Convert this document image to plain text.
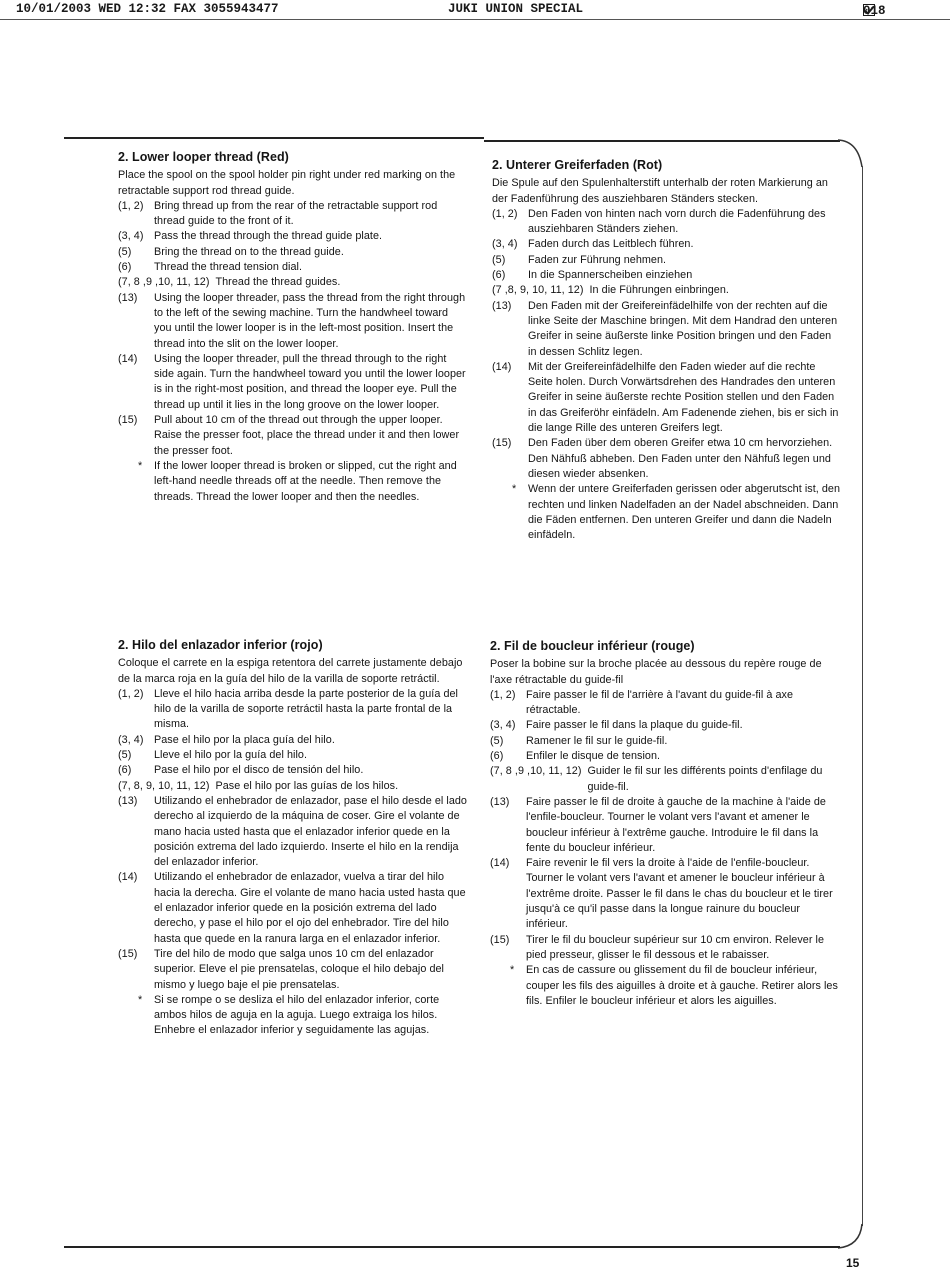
10/01/2003 WED 12:32 FAX 3055943477	JUKI UNION SPECIAL	018
2. Lower looper thread (Red)

Place the spool on the spool holder pin right under red marking on the retractable support rod thread guide.

(1, 2) Bring thread up from the rear of the retractable support rod thread guide to the front of it.
(3, 4) Pass the thread through the thread guide plate.
(5)	Bring the thread on to the thread guide.
(6)	Thread the thread tension dial.
(7, 8 ,9 ,10, 11, 12) Thread the thread guides.
(13)	Using the looper threader, pass the thread from the right through to the left of the sewing machine. Turn the handwheel toward you until the lower looper is in the left-most position. Insert the thread into the slit on the lower looper.
(14)	Using the looper threader, pull the thread through to the right side again. Turn the handwheel toward you until the lower looper is in the right-most position, and thread the looper eye. Pull the thread up until it lies in the long groove on the lower looper.
(15)	Pull about 10 cm of the thread out through the upper looper. Raise the presser foot, place the thread under it and then lower the presser foot.
*	If the lower looper thread is broken or slipped, cut the right and left-hand needle threads off at the needle. Then remove the threads. Thread the lower looper and then the needles.
2. Unterer Greiferfaden (Rot)

Die Spule auf den Spulenhalterstift unterhalb der roten Markierung an der Fadenführung des ausziehbaren Ständers stecken.

(1, 2) Den Faden von hinten nach vorn durch die Fadenführung des ausziehbaren Ständers ziehen.
(3, 4) Faden durch das Leitblech führen.
(5)	Faden zur Führung nehmen.
(6)	In die Spannerscheiben einziehen
(7 ,8, 9, 10, 11, 12) In die Führungen einbringen.
(13)	Den Faden mit der Greifereinfädelhilfe von der rechten auf die linke Seite der Maschine bringen. Mit dem Handrad den unteren Greifer in seine äußerste linke Position bringen und den Faden in dessen Schlitz legen.
(14)	Mit der Greifereinfädelhilfe den Faden wieder auf die rechte Seite holen. Durch Vorwärtsdrehen des Handrades den unteren Greifer in seine äußerste rechte Position stellen und den Faden in das Greiferöhr einfädeln. Am Fadenende ziehen, bis er sich in die lange Rille des unteren Greifers legt.
(15)	Den Faden über dem oberen Greifer etwa 10 cm hervorziehen. Den Nähfuß abheben. Den Faden unter den Nähfuß legen und diesen wieder absenken.
*	Wenn der untere Greiferfaden gerissen oder abgerutscht ist, den rechten und linken Nadelfaden an der Nadel abschneiden. Dann die Fäden entfernen. Den unteren Greifer und dann die Nadeln einfädeln.
2. Hilo del enlazador inferior (rojo)

Coloque el carrete en la espiga retentora del carrete justamente debajo de la marca roja en la guía del hilo de la varilla de soporte retráctil.

(1, 2) Lleve el hilo hacia arriba desde la parte posterior de la guía del hilo de la varilla de soporte retráctil hasta la parte frontal de la misma.
(3, 4) Pase el hilo por la placa guía del hilo.
(5)	Lleve el hilo por la guía del hilo.
(6)	Pase el hilo por el disco de tensión del hilo.
(7, 8, 9, 10, 11, 12) Pase el hilo por las guías de los hilos.
(13)	Utilizando el enhebrador de enlazador, pase el hilo desde el lado derecho al izquierdo de la máquina de coser. Gire el volante de mano hacia usted hasta que el enlazador inferior quede en la posición extrema del lado izquierdo. Inserte el hilo en la rendija del enlazador inferior.
(14)	Utilizando el enhebrador de enlazador, vuelva a tirar del hilo hacia la derecha. Gire el volante de mano hacia usted hasta que el enlazador inferior quede en la posición extrema del lado derecho, y pase el hilo por el ojo del enhebrador. Tire del hilo hasta que quede en la ranura larga en el enlazador inferior.
(15)	Tire del hilo de modo que salga unos 10 cm del enlazador superior. Eleve el pie prensatelas, coloque el hilo debajo del mismo y luego baje el pie prensatelas.
*	Si se rompe o se desliza el hilo del enlazador inferior, corte ambos hilos de aguja en la aguja. Luego extraiga los hilos. Enhebre el enlazador inferior y seguidamente las agujas.
2. Fil de boucleur inférieur (rouge)

Poser la bobine sur la broche placée au dessous du repère rouge de l'axe rétractable du guide-fil

(1, 2) Faire passer le fil de l'arrière à l'avant du guide-fil à axe rétractable.
(3, 4) Faire passer le fil dans la plaque du guide-fil.
(5)	Ramener le fil sur le guide-fil.
(6)	Enfiler le disque de tension.
(7, 8 ,9 ,10, 11, 12) Guider le fil sur les différents points d'enfilage du guide-fil.
(13)	Faire passer le fil de droite à gauche de la machine à l'aide de l'enfile-boucleur. Tourner le volant vers l'avant et amener le boucleur inférieur à l'extrême gauche. Introduire le fil dans la fente du boucleur inférieur.
(14)	Faire revenir le fil vers la droite à l'aide de l'enfile-boucleur. Tourner le volant vers l'avant et amener le boucleur inférieur à l'extrême droite. Passer le fil dans le chas du boucleur et le tirer jusqu'à ce qu'il passe dans la longue rainure du boucleur inférieur.
(15)	Tirer le fil du boucleur supérieur sur 10 cm environ. Relever le pied presseur, glisser le fil dessous et le rabaisser.
*	En cas de cassure ou glissement du fil de boucleur inférieur, couper les fils des aiguilles à droite et à gauche. Retirer alors les fils. Enfiler le boucleur inférieur et alors les aiguilles.
15
